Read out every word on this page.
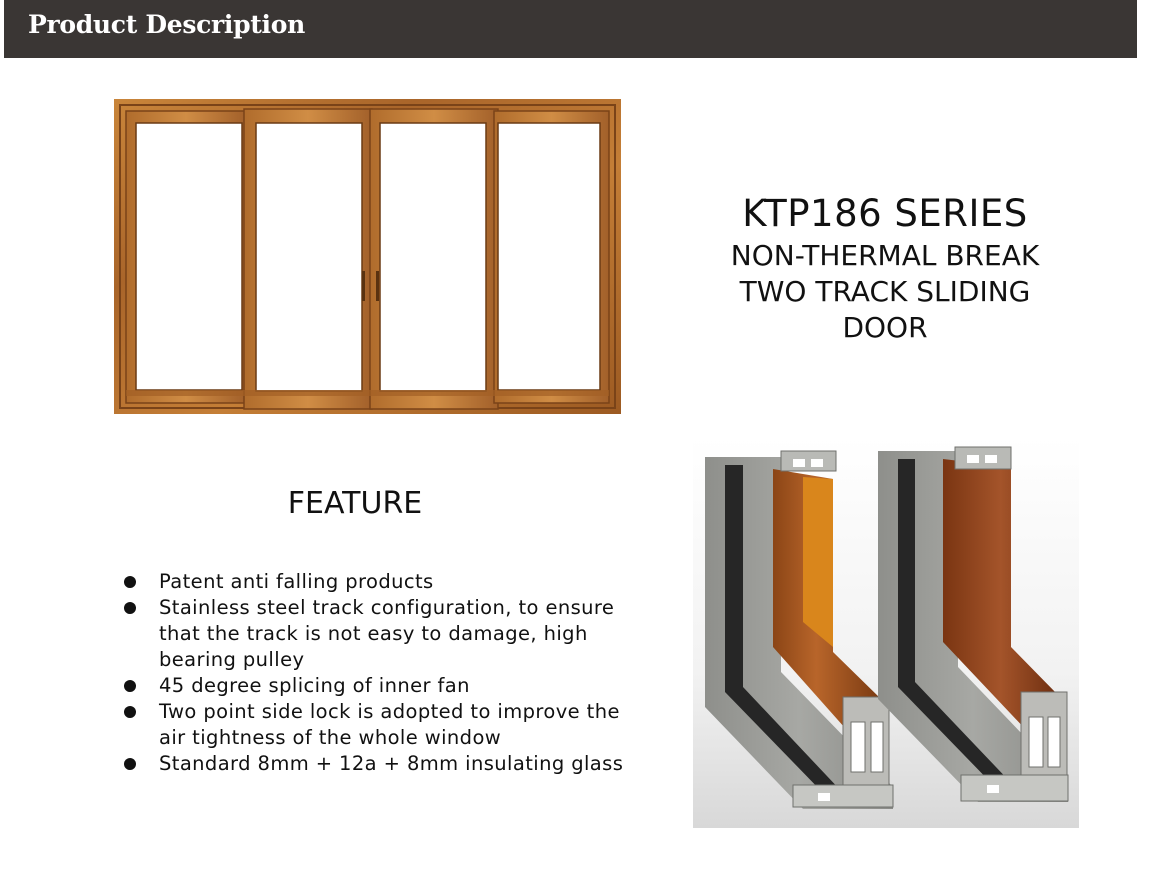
Product Description
KTP186 SERIES
NON-THERMAL BREAK
TWO TRACK SLIDING
DOOR
FEATURE
Patent anti falling products
Stainless steel track configuration, to ensure that the track is not easy to damage, high bearing pulley
45 degree splicing of inner fan
Two point side lock is adopted to improve the air tightness of the whole window
Standard 8mm + 12a + 8mm insulating glass
